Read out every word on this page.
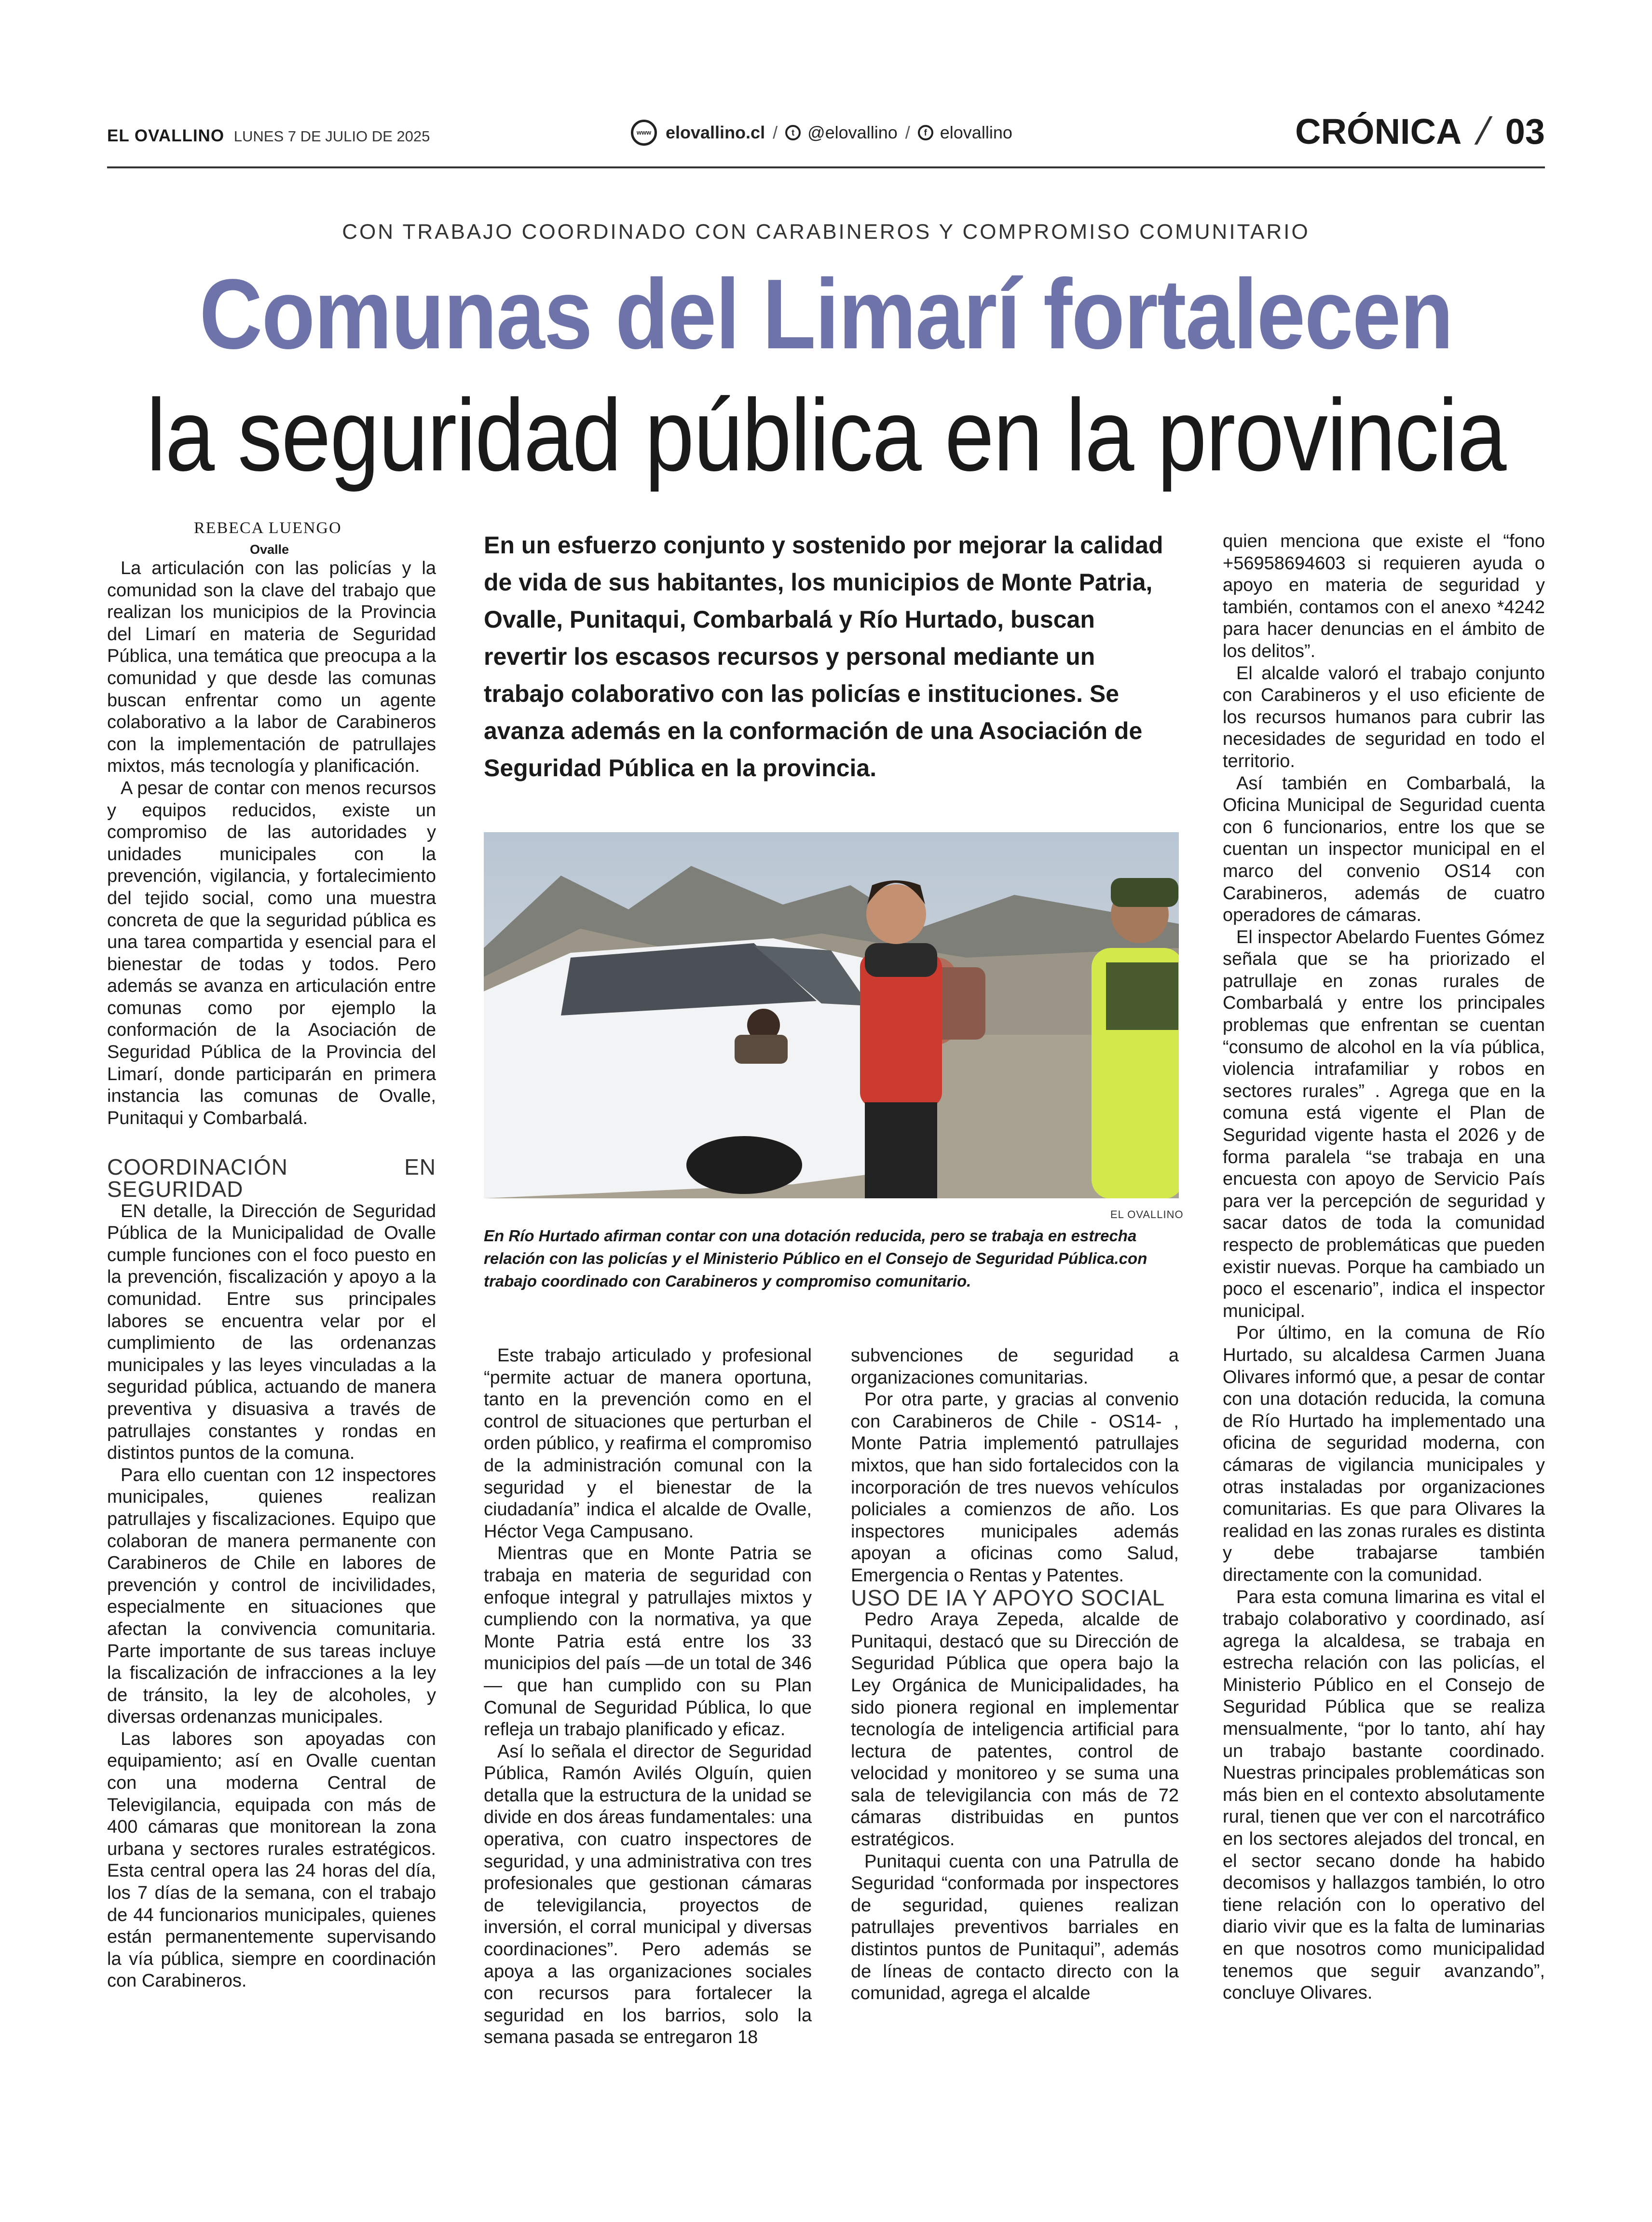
EL OVALLINO LUNES 7 DE JULIO DE 2025	www elovallino.cl /	t @elovallino /	f elovallino	CRÓNICA / 03
CON TRABAJO COORDINADO CON CARABINEROS Y COMPROMISO COMUNITARIO
Comunas del Limarí fortalecen
la seguridad pública en la provincia
REBECA LUENGO
Ovalle

La articulación con las policías y la comunidad son la clave del trabajo que realizan los municipios de la Provincia del Limarí en materia de Seguridad Pública, una temática que preocupa a la comunidad y que desde las comunas buscan enfrentar como un agente colaborativo a la labor de Carabineros con la implementación de patrullajes mixtos, más tecnología y planificación.

A pesar de contar con menos recursos y equipos reducidos, existe un compromiso de las autoridades y unidades municipales con la prevención, vigilancia, y fortalecimiento del tejido social, como una muestra concreta de que la seguridad pública es una tarea compartida y esencial para el bienestar de todas y todos. Pero además se avanza en articulación entre comunas como por ejemplo la conformación de la Asociación de Seguridad Pública de la Provincia del Limarí, donde participarán en primera instancia las comunas de Ovalle, Punitaqui y Combarbalá.

COORDINACIÓN EN SEGURIDAD

EN detalle, la Dirección de Seguridad Pública de la Municipalidad de Ovalle cumple funciones con el foco puesto en la prevención, fiscalización y apoyo a la comunidad. Entre sus principales labores se encuentra velar por el cumplimiento de las ordenanzas municipales y las leyes vinculadas a la seguridad pública, actuando de manera preventiva y disuasiva a través de patrullajes constantes y rondas en distintos puntos de la comuna.

Para ello cuentan con 12 inspectores municipales, quienes realizan patrullajes y fiscalizaciones. Equipo que colaboran de manera permanente con Carabineros de Chile en labores de prevención y control de incivilidades, especialmente en situaciones que afectan la convivencia comunitaria. Parte importante de sus tareas incluye la fiscalización de infracciones a la ley de tránsito, la ley de alcoholes, y diversas ordenanzas municipales.

Las labores son apoyadas con equipamiento; así en Ovalle cuentan con una moderna Central de Televigilancia, equipada con más de 400 cámaras que monitorean la zona urbana y sectores rurales estratégicos. Esta central opera las 24 horas del día, los 7 días de la semana, con el trabajo de 44 funcionarios municipales, quienes están permanentemente supervisando la vía pública, siempre en coordinación con Carabineros.

En un esfuerzo conjunto y sostenido por mejorar la calidad de vida de sus habitantes, los municipios de Monte Patria, Ovalle, Punitaqui, Combarbalá y Río Hurtado, buscan revertir los escasos recursos y personal mediante un trabajo colaborativo con las policías e instituciones. Se avanza además en la conformación de una Asociación de Seguridad Pública en la provincia.
EL OVALLINO
En Río Hurtado afirman contar con una dotación reducida, pero se trabaja en estrecha relación con las policías y el Ministerio Público en el Consejo de Seguridad Pública.con trabajo coordinado con Carabineros y compromiso comunitario.

Este trabajo articulado y profesional “permite actuar de manera oportuna, tanto en la prevención como en el control de situaciones que perturban el orden público, y reafirma el compromiso de la administración comunal con la seguridad y el bienestar de la ciudadanía” indica el alcalde de Ovalle, Héctor Vega Campusano.

Mientras que en Monte Patria se trabaja en materia de seguridad con enfoque integral y patrullajes mixtos y cumpliendo con la normativa, ya que Monte Patria está entre los 33 municipios del país —de un total de 346— que han cumplido con su Plan Comunal de Seguridad Pública, lo que refleja un trabajo planificado y eficaz.

Así lo señala el director de Seguridad Pública, Ramón Avilés Olguín, quien detalla que la estructura de la unidad se divide en dos áreas fundamentales: una operativa, con cuatro inspectores de seguridad, y una administrativa con tres profesionales que gestionan cámaras de televigilancia, proyectos de inversión, el corral municipal y diversas coordinaciones”. Pero además se apoya a las organizaciones sociales con recursos para fortalecer la seguridad en los barrios, solo la semana pasada se entregaron 18

subvenciones de seguridad a organizaciones comunitarias.

Por otra parte, y gracias al convenio con Carabineros de Chile - OS14- , Monte Patria implementó patrullajes mixtos, que han sido fortalecidos con la incorporación de tres nuevos vehículos policiales a comienzos de año. Los inspectores municipales además apoyan a oficinas como Salud, Emergencia o Rentas y Patentes.

USO DE IA Y APOYO SOCIAL

Pedro Araya Zepeda, alcalde de Punitaqui, destacó que su Dirección de Seguridad Pública que opera bajo la Ley Orgánica de Municipalidades, ha sido pionera regional en implementar tecnología de inteligencia artificial para lectura de patentes, control de velocidad y monitoreo y se suma una sala de televigilancia con más de 72 cámaras distribuidas en puntos estratégicos.

Punitaqui cuenta con una Patrulla de Seguridad “conformada por inspectores de seguridad, quienes realizan patrullajes preventivos barriales en distintos puntos de Punitaqui”, además de líneas de contacto directo con la comunidad, agrega el alcalde

quien menciona que existe el “fono +56958694603 si requieren ayuda o apoyo en materia de seguridad y también, contamos con el anexo *4242 para hacer denuncias en el ámbito de los delitos”.

El alcalde valoró el trabajo conjunto con Carabineros y el uso eficiente de los recursos humanos para cubrir las necesidades de seguridad en todo el territorio.

Así también en Combarbalá, la Oficina Municipal de Seguridad cuenta con 6 funcionarios, entre los que se cuentan un inspector municipal en el marco del convenio OS14 con Carabineros, además de cuatro operadores de cámaras.

El inspector Abelardo Fuentes Gómez señala que se ha priorizado el patrullaje en zonas rurales de Combarbalá y entre los principales problemas que enfrentan se cuentan “consumo de alcohol en la vía pública, violencia intrafamiliar y robos en sectores rurales” . Agrega que en la comuna está vigente el Plan de Seguridad vigente hasta el 2026 y de forma paralela “se trabaja en una encuesta con apoyo de Servicio País para ver la percepción de seguridad y sacar datos de toda la comunidad respecto de problemáticas que pueden existir nuevas. Porque ha cambiado un poco el escenario”, indica el inspector municipal.

Por último, en la comuna de Río Hurtado, su alcaldesa Carmen Juana Olivares informó que, a pesar de contar con una dotación reducida, la comuna de Río Hurtado ha implementado una oficina de seguridad moderna, con cámaras de vigilancia municipales y otras instaladas por organizaciones comunitarias. Es que para Olivares la realidad en las zonas rurales es distinta y debe trabajarse también directamente con la comunidad.

Para esta comuna limarina es vital el trabajo colaborativo y coordinado, así agrega la alcaldesa, se trabaja en estrecha relación con las policías, el Ministerio Público en el Consejo de Seguridad Pública que se realiza mensualmente, “por lo tanto, ahí hay un trabajo bastante coordinado. Nuestras principales problemáticas son más bien en el contexto absolutamente rural, tienen que ver con el narcotráfico en los sectores alejados del troncal, en el sector secano donde ha habido decomisos y hallazgos también, lo otro tiene relación con lo operativo del diario vivir que es la falta de luminarias en que nosotros como municipalidad tenemos que seguir avanzando”, concluye Olivares.
